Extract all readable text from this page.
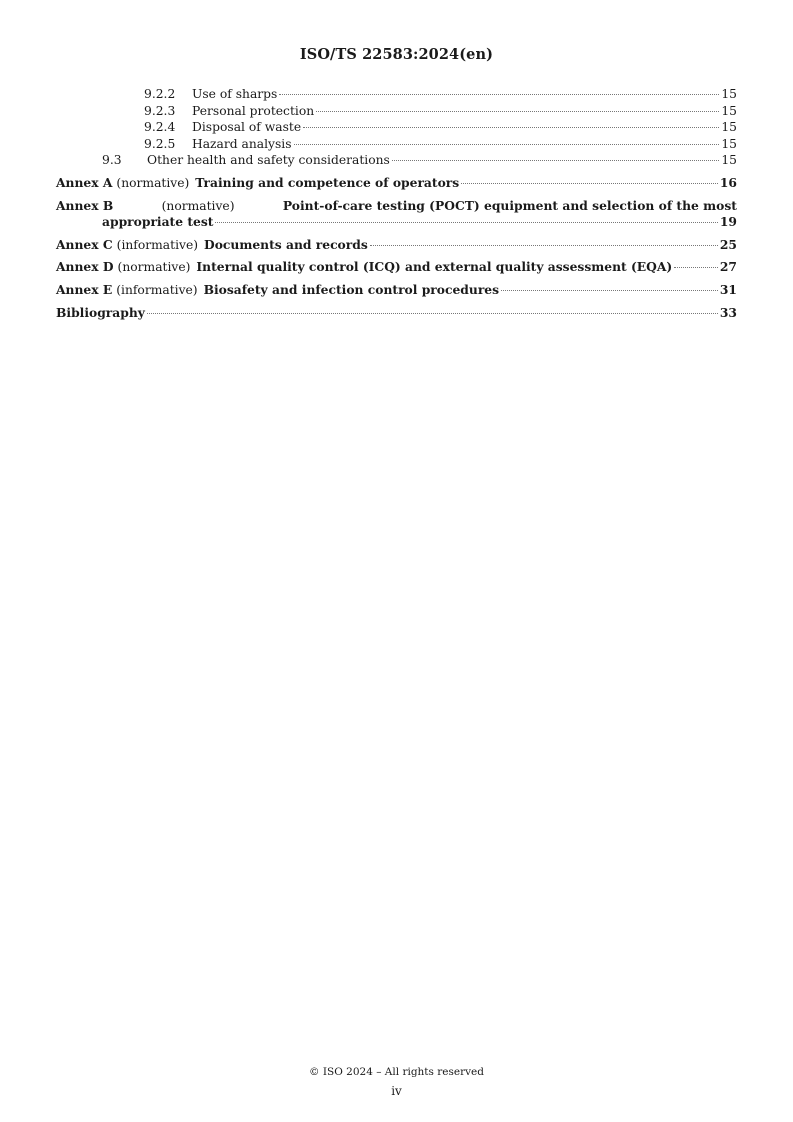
ISO/TS 22583:2024(en)
9.2.2	Use of sharps	15
9.2.3	Personal protection	15
9.2.4	Disposal of waste	15
9.2.5	Hazard analysis	15
9.3	Other health and safety considerations	15
Annex A (normative) Training and competence of operators	16
Annex B	(normative)	Point-of-care testing (POCT) equipment and selection of the most
appropriate test	19
Annex C (informative) Documents and records	25
Annex D (normative) Internal quality control (ICQ) and external quality assessment (EQA)	27
Annex E (informative) Biosafety and infection control procedures	31
Bibliography	33
© ISO 2024 – All rights reserved
iv
